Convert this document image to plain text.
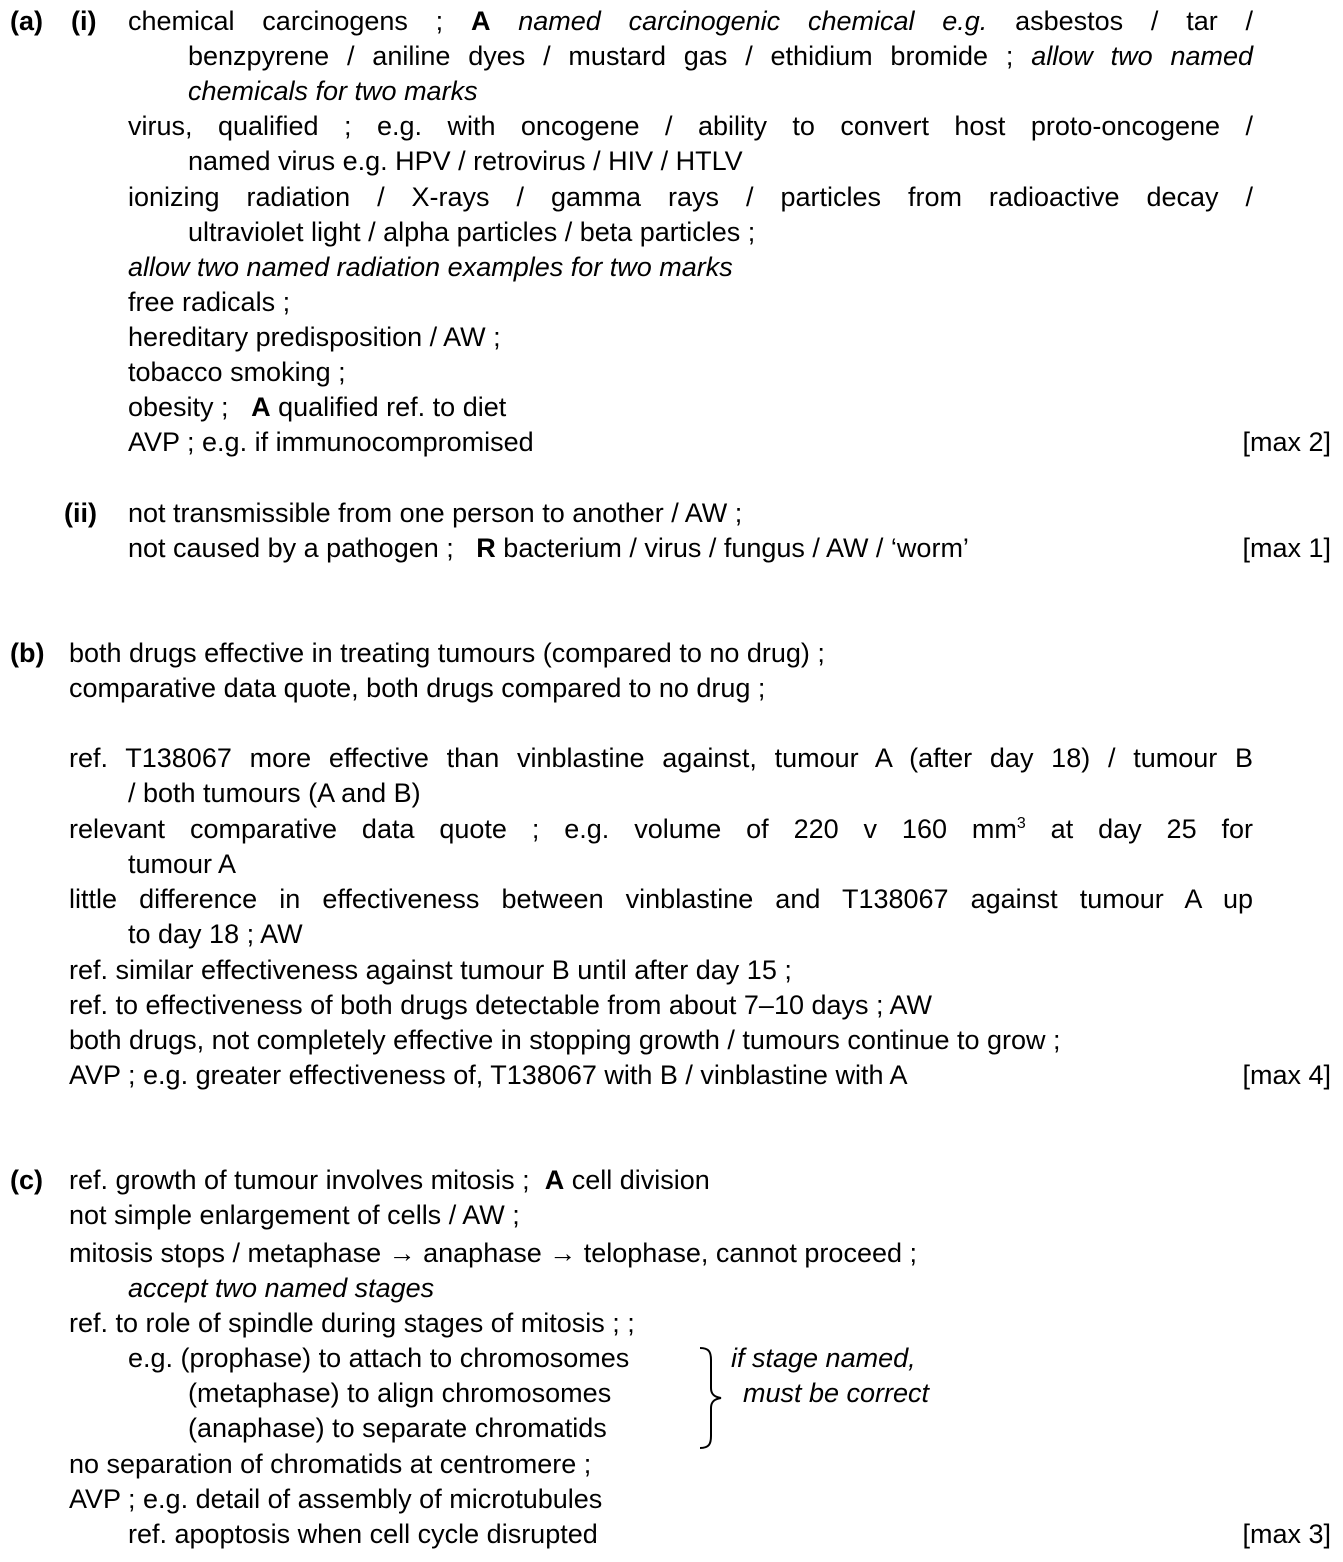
(a) (i) chemical carcinogens ; A named carcinogenic chemical e.g. asbestos / tar /
benzpyrene / aniline dyes / mustard gas / ethidium bromide ; allow two named
chemicals for two marks
virus, qualified ; e.g. with oncogene / ability to convert host proto-oncogene /
named virus e.g. HPV / retrovirus / HIV / HTLV
ionizing radiation / X-rays / gamma rays / particles from radioactive decay /
ultraviolet light / alpha particles / beta particles ;
allow two named radiation examples for two marks
free radicals ;
hereditary predisposition / AW ;
tobacco smoking ;
obesity ; A qualified ref. to diet
AVP ; e.g. if immunocompromised	[max 2]
(ii) not transmissible from one person to another / AW ;
not caused by a pathogen ; R bacterium / virus / fungus / AW / ‘worm’	[max 1]
(b) both drugs effective in treating tumours (compared to no drug) ;
comparative data quote, both drugs compared to no drug ;
ref. T138067 more effective than vinblastine against, tumour A (after day 18) / tumour B
/ both tumours (A and B)
relevant comparative data quote ; e.g. volume of 220 v 160 $mm^3$ at day 25 for
tumour A
little difference in effectiveness between vinblastine and T138067 against tumour A up
to day 18 ; AW
ref. similar effectiveness against tumour B until after day 15 ;
ref. to effectiveness of both drugs detectable from about 7–10 days ; AW
both drugs, not completely effective in stopping growth / tumours continue to grow ;
AVP ; e.g. greater effectiveness of, T138067 with B / vinblastine with A	[max 4]
(c) ref. growth of tumour involves mitosis ; A cell division
not simple enlargement of cells / AW ;
mitosis stops / metaphase → anaphase → telophase, cannot proceed ;
accept two named stages
ref. to role of spindle during stages of mitosis ; ;
e.g. (prophase) to attach to chromosomes
(metaphase) to align chromosomes
(anaphase) to separate chromatids
if stage named,
must be correct
no separation of chromatids at centromere ;
AVP ; e.g. detail of assembly of microtubules
ref. apoptosis when cell cycle disrupted	[max 3]
